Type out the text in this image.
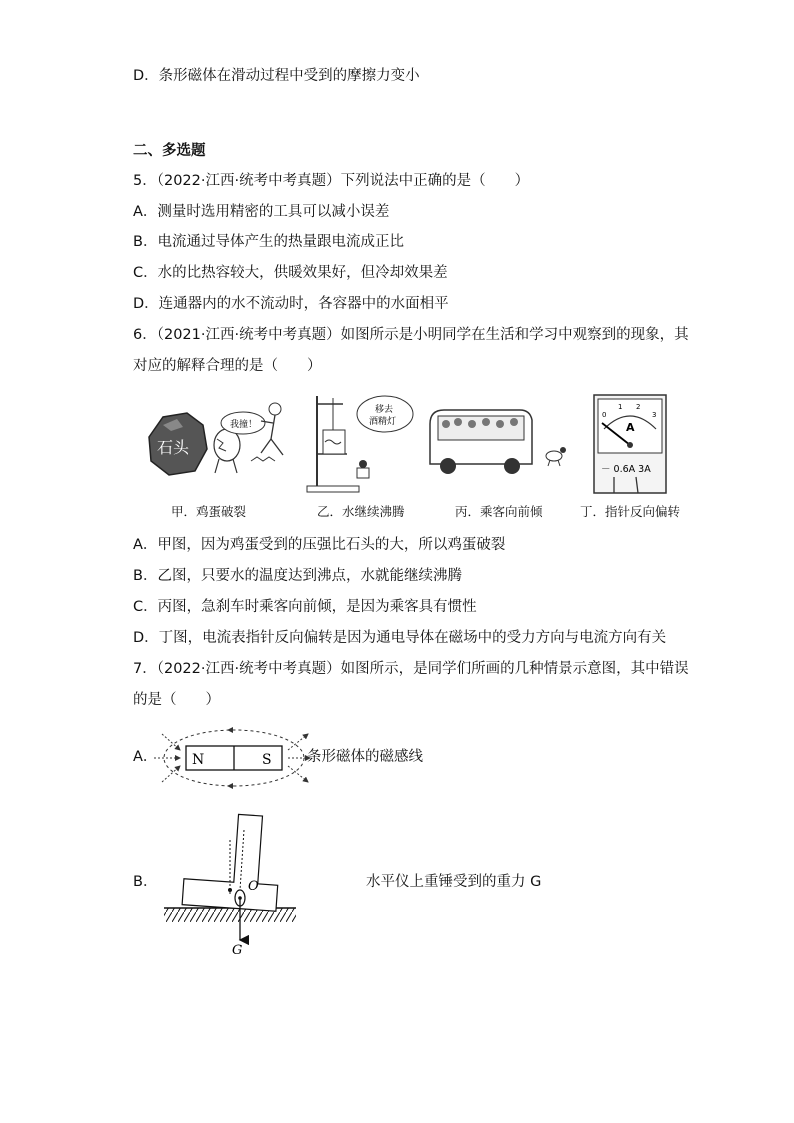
D．条形磁体在滑动过程中受到的摩擦力变小
二、多选题
5．（2022·江西·统考中考真题）下列说法中正确的是（　　）
A．测量时选用精密的工具可以减小误差
B．电流通过导体产生的热量跟电流成正比
C．水的比热容较大，供暖效果好，但冷却效果差
D．连通器内的水不流动时，各容器中的水面相平
6．（2021·江西·统考中考真题）如图所示是小明同学在生活和学习中观察到的现象，其
对应的解释合理的是（　　）
石头
我撞！
甲．鸡蛋破裂
移去
酒精灯
乙．水继续沸腾	丙．乘客向前倾
0
1 2
3
A
－ 0.6A 3A
丁．指针反向偏转
A．甲图，因为鸡蛋受到的压强比石头的大，所以鸡蛋破裂
B．乙图，只要水的温度达到沸点，水就能继续沸腾
C．丙图，急刹车时乘客向前倾，是因为乘客具有惯性
D．丁图，电流表指针反向偏转是因为通电导体在磁场中的受力方向与电流方向有关
7．（2022·江西·统考中考真题）如图所示，是同学们所画的几种情景示意图，其中错误
的是（　　）
A． N	S 条形磁体的磁感线
B．	O
G
水平仪上重锤受到的重力 G
